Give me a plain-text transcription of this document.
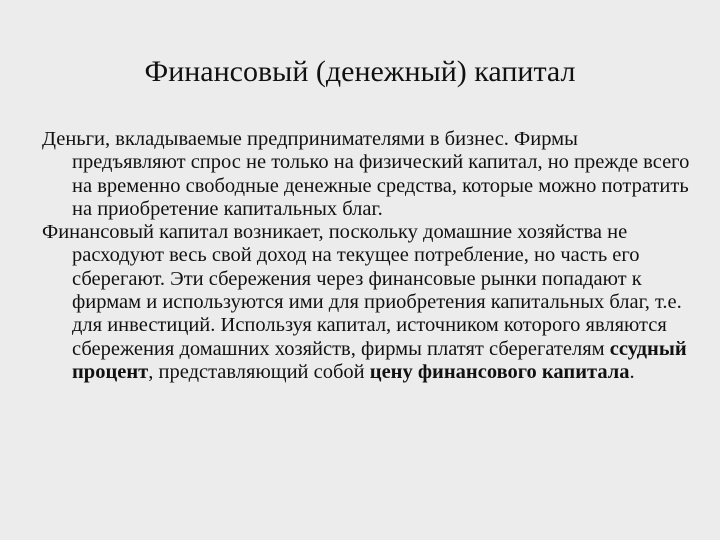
Финансовый (денежный) капитал

Деньги, вкладываемые предпринимателями в бизнес. Фирмы предъявляют спрос не только на физический капитал, но прежде всего на временно свободные денежные средства, которые можно потратить на приобретение капитальных благ.

Финансовый капитал возникает, поскольку домашние хозяйства не расходуют весь свой доход на текущее потребление, но часть его сберегают. Эти сбережения через финансовые рынки попадают к фирмам и используются ими для приобретения капитальных благ, т.е. для инвестиций. Используя капитал, источником которого являются сбережения домашних хозяйств, фирмы платят сберегателям ссудный процент, представляющий собой цену финансового капитала.
